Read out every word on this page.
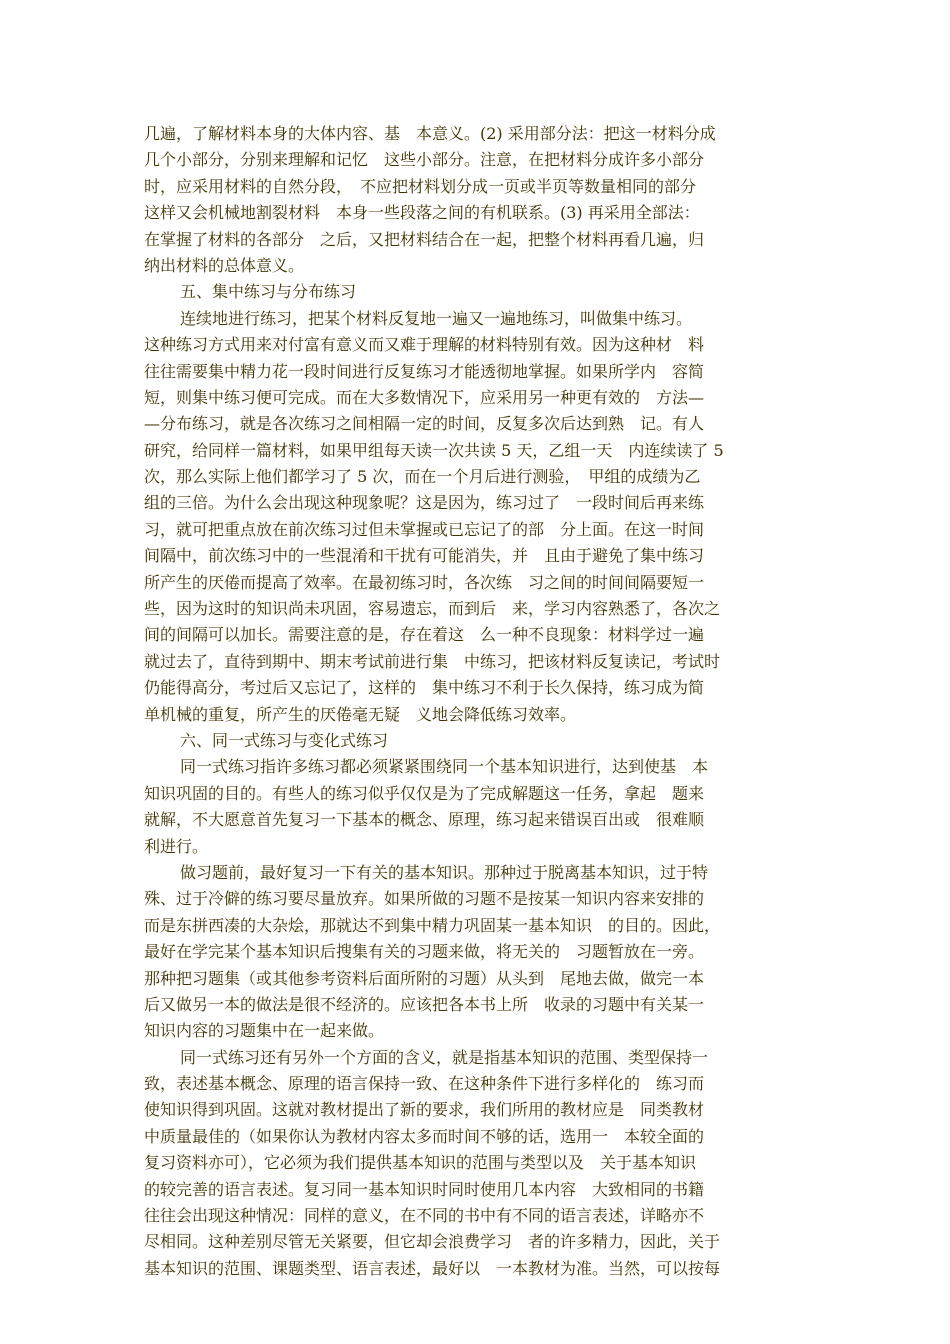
几遍，了解材料本身的大体内容、基　本意义。(2) 采用部分法：把这一材料分成
几个小部分，分别来理解和记忆　这些小部分。注意，在把材料分成许多小部分
时，应采用材料的自然分段，　不应把材料划分成一页或半页等数量相同的部分
这样又会机械地割裂材料　本身一些段落之间的有机联系。(3) 再采用全部法：
在掌握了材料的各部分　之后，又把材料结合在一起，把整个材料再看几遍，归
纳出材料的总体意义。
五、集中练习与分布练习
连续地进行练习，把某个材料反复地一遍又一遍地练习，叫做集中练习。
这种练习方式用来对付富有意义而又难于理解的材料特别有效。因为这种材　料
往往需要集中精力花一段时间进行反复练习才能透彻地掌握。如果所学内　容简
短，则集中练习便可完成。而在大多数情况下，应采用另一种更有效的　方法—
—分布练习，就是各次练习之间相隔一定的时间，反复多次后达到熟　记。有人
研究，给同样一篇材料，如果甲组每天读一次共读 5 天，乙组一天　内连续读了 5
次，那么实际上他们都学习了 5 次，而在一个月后进行测验，　甲组的成绩为乙
组的三倍。为什么会出现这种现象呢？这是因为，练习过了　一段时间后再来练
习，就可把重点放在前次练习过但未掌握或已忘记了的部　分上面。在这一时间
间隔中，前次练习中的一些混淆和干扰有可能消失，并　且由于避免了集中练习
所产生的厌倦而提高了效率。在最初练习时，各次练　习之间的时间间隔要短一
些，因为这时的知识尚未巩固，容易遗忘，而到后　来，学习内容熟悉了，各次之
间的间隔可以加长。需要注意的是，存在着这　么一种不良现象：材料学过一遍
就过去了，直待到期中、期末考试前进行集　中练习，把该材料反复读记，考试时
仍能得高分，考过后又忘记了，这样的　集中练习不利于长久保持，练习成为简
单机械的重复，所产生的厌倦毫无疑　义地会降低练习效率。
六、同一式练习与变化式练习
同一式练习指许多练习都必须紧紧围绕同一个基本知识进行，达到使基　本
知识巩固的目的。有些人的练习似乎仅仅是为了完成解题这一任务，拿起　题来
就解，不大愿意首先复习一下基本的概念、原理，练习起来错误百出或　很难顺
利进行。
做习题前，最好复习一下有关的基本知识。那种过于脱离基本知识，过于特
殊、过于冷僻的练习要尽量放弃。如果所做的习题不是按某一知识内容来安排的
而是东拼西凑的大杂烩，那就达不到集中精力巩固某一基本知识　的目的。因此，
最好在学完某个基本知识后搜集有关的习题来做，将无关的　习题暂放在一旁。
那种把习题集（或其他参考资料后面所附的习题）从头到　尾地去做，做完一本
后又做另一本的做法是很不经济的。应该把各本书上所　收录的习题中有关某一
知识内容的习题集中在一起来做。
同一式练习还有另外一个方面的含义，就是指基本知识的范围、类型保持一
致，表述基本概念、原理的语言保持一致、在这种条件下进行多样化的　练习而
使知识得到巩固。这就对教材提出了新的要求，我们所用的教材应是　同类教材
中质量最佳的（如果你认为教材内容太多而时间不够的话，选用一　本较全面的
复习资料亦可），它必须为我们提供基本知识的范围与类型以及　关于基本知识
的较完善的语言表述。复习同一基本知识时同时使用几本内容　大致相同的书籍
往往会出现这种情况：同样的意义，在不同的书中有不同的语言表述，详略亦不
尽相同。这种差别尽管无关紧要，但它却会浪费学习　者的许多精力，因此，关于
基本知识的范围、课题类型、语言表述，最好以　一本教材为准。当然，可以按每
